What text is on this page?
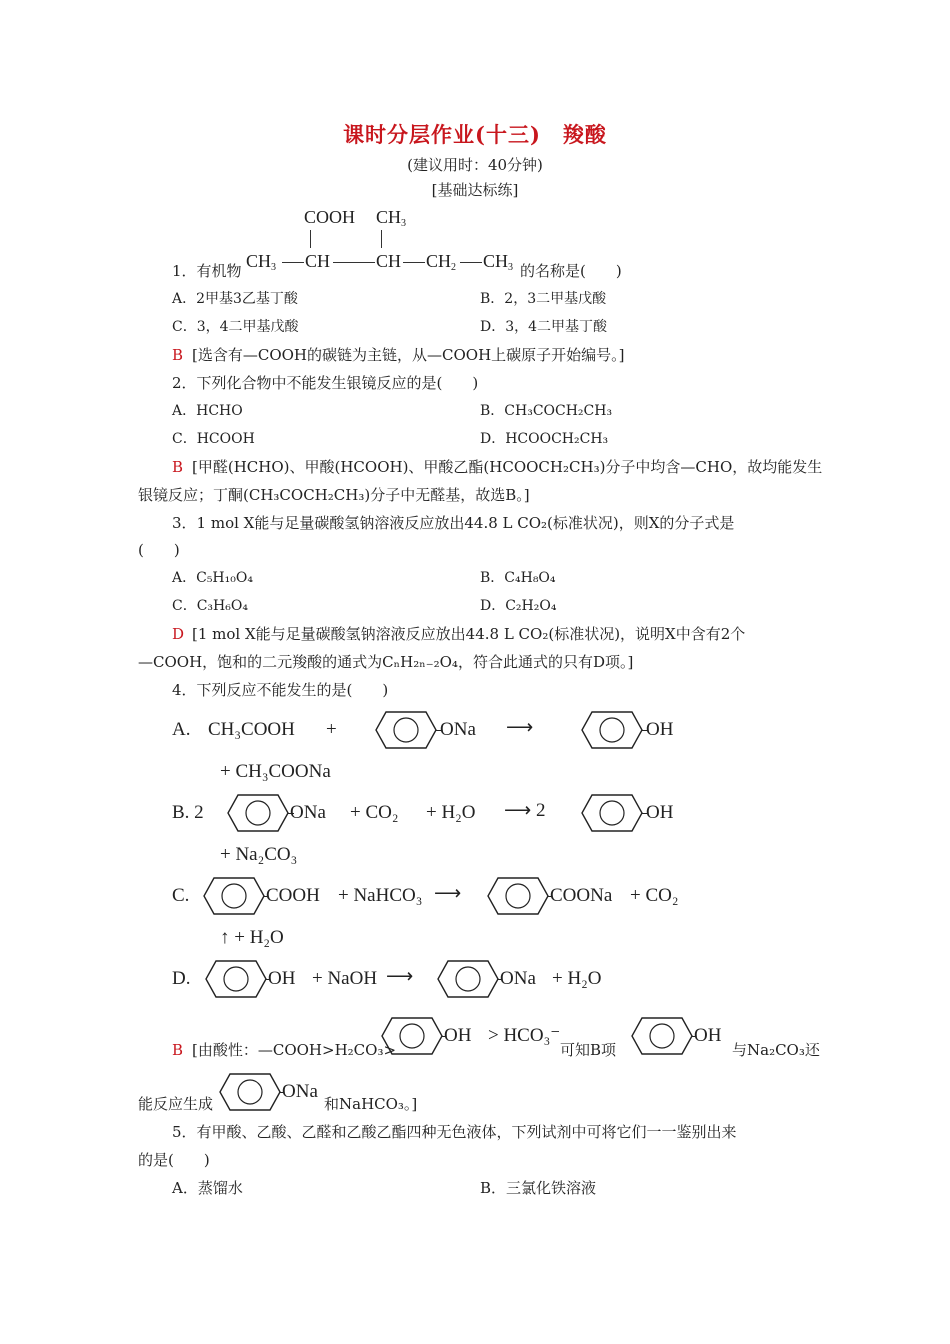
课时分层作业(十三)　羧酸
(建议用时：40分钟)
[基础达标练]
COOH $CH_3$
$CH_3$ CH	CH $CH_2$ $CH_3$
1．有机物	的名称是(　　)
A．2甲基3乙基丁酸	B．2，3二甲基戊酸
C．3，4二甲基戊酸	D．3，4二甲基丁酸
B [选含有—COOH的碳链为主链，从—COOH上碳原子开始编号。]
2．下列化合物中不能发生银镜反应的是(　　)
A．HCHO	B．CH₃COCH₂CH₃
C．HCOOH	D．HCOOCH₂CH₃
B [甲醛(HCHO)、甲酸(HCOOH)、甲酸乙酯(HCOOCH₂CH₃)分子中均含—CHO，故均能发生
银镜反应；丁酮(CH₃COCH₂CH₃)分子中无醛基，故选B。]
3．1 mol X能与足量碳酸氢钠溶液反应放出44.8 L CO₂(标准状况)，则X的分子式是
(　　)
A．C₅H₁₀O₄	B．C₄H₈O₄
C．C₃H₆O₄	D．C₂H₂O₄
D [1 mol X能与足量碳酸氢钠溶液反应放出44.8 L CO₂(标准状况)，说明X中含有2个
—COOH，饱和的二元羧酸的通式为CₙH₂ₙ₋₂O₄，符合此通式的只有D项。]
4．下列反应不能发生的是(　　)
A. CH₃COOH +	ONa ⟶	OH
+ CH₃COONa
B. 2	ONa + CO₂ + H₂O ⟶ 2	OH
+ Na₂CO₃
C.	COOH + NaHCO₃ ⟶	COONa + CO₂
↑ + H₂O
D.	OH + NaOH ⟶	ONa + H₂O
B [由酸性：—COOH>H₂CO₃>
OH > HCO₃⁻
可知B项
OH
与Na₂CO₃还
能反应生成
ONa
和NaHCO₃。]
5．有甲酸、乙酸、乙醛和乙酸乙酯四种无色液体，下列试剂中可将它们一一鉴别出来
的是(　　)
A．蒸馏水	B．三氯化铁溶液
